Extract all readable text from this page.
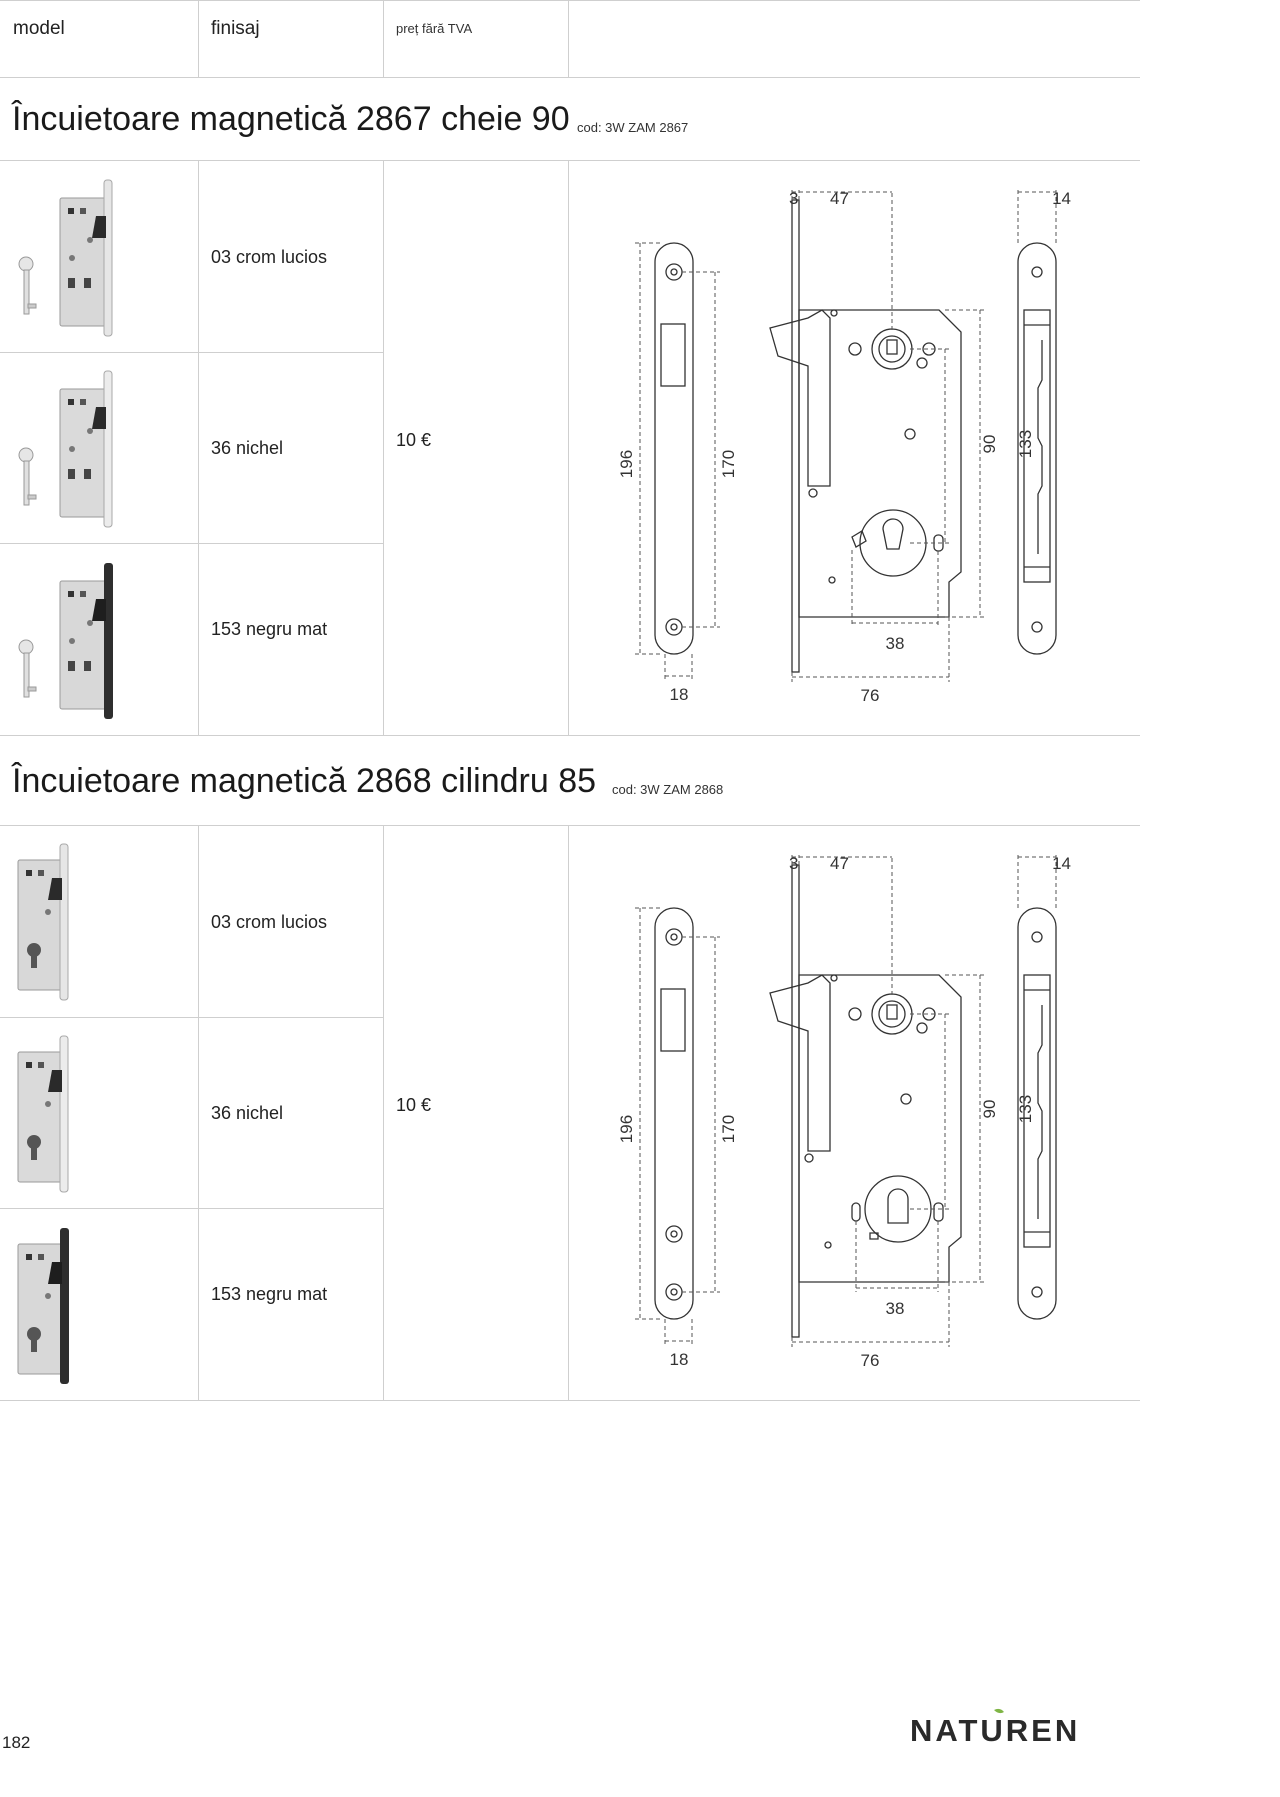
model	finisaj	preț fără TVA
Încuietoare magnetică 2867 cheie 90 cod: 3W ZAM 2867
03 crom lucios
36 nichel
153 negru mat
10 €
3 47	14
196	170
90 133
38
18	76
Încuietoare magnetică 2868 cilindru 85 cod: 3W ZAM 2868
03 crom lucios
36 nichel
153 negru mat
10 €
3 47	14
196	170
90 133
38
18	76
182	NATUREN
